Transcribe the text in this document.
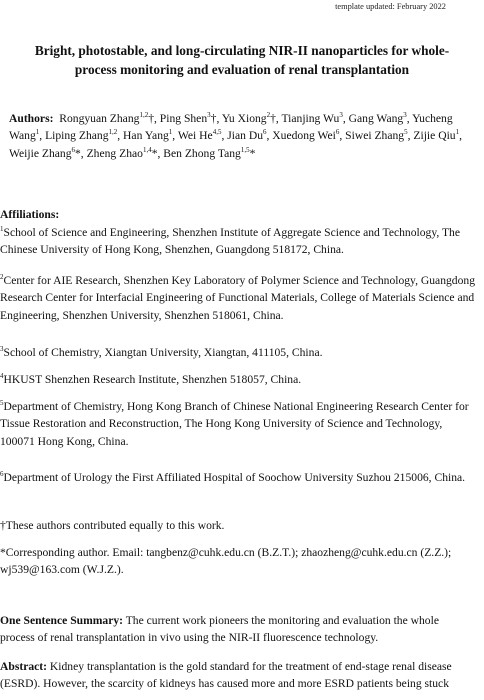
template updated: February 2022
Bright, photostable, and long-circulating NIR-II nanoparticles for whole-
process monitoring and evaluation of renal transplantation

Authors: Rongyuan Zhang$^{1,2}$†, Ping Shen$^3$†, Yu Xiong$^2$†, Tianjing Wu$^3$, Gang Wang$^3$, Yucheng Wang$^1$, Liping Zhang$^{1,2}$, Han Yang$^1$, Wei He$^{4,5}$, Jian Du$^6$, Xuedong Wei$^6$, Siwei Zhang$^5$, Zijie Qiu$^1$, Weijie Zhang$^6$*, Zheng Zhao$^{1,4}$*, Ben Zhong Tang$^{1,5}$*

Affiliations:

$^1$School of Science and Engineering, Shenzhen Institute of Aggregate Science and Technology, The Chinese University of Hong Kong, Shenzhen, Guangdong 518172, China.

$^2$Center for AIE Research, Shenzhen Key Laboratory of Polymer Science and Technology, Guangdong Research Center for Interfacial Engineering of Functional Materials, College of Materials Science and Engineering, Shenzhen University, Shenzhen 518061, China.

$^3$School of Chemistry, Xiangtan University, Xiangtan, 411105, China.

$^4$HKUST Shenzhen Research Institute, Shenzhen 518057, China.

$^5$Department of Chemistry, Hong Kong Branch of Chinese National Engineering Research Center for Tissue Restoration and Reconstruction, The Hong Kong University of Science and Technology, 100071 Hong Kong, China.

$^6$Department of Urology the First Affiliated Hospital of Soochow University Suzhou 215006, China.

†These authors contributed equally to this work.

*Corresponding author. Email: tangbenz@cuhk.edu.cn (B.Z.T.); zhaozheng@cuhk.edu.cn (Z.Z.); wj539@163.com (W.J.Z.).

One Sentence Summary: The current work pioneers the monitoring and evaluation the whole process of renal transplantation in vivo using the NIR-II fluorescence technology.

Abstract: Kidney transplantation is the gold standard for the treatment of end-stage renal disease (ESRD). However, the scarcity of kidneys has caused more and more ESRD patients being stuck
